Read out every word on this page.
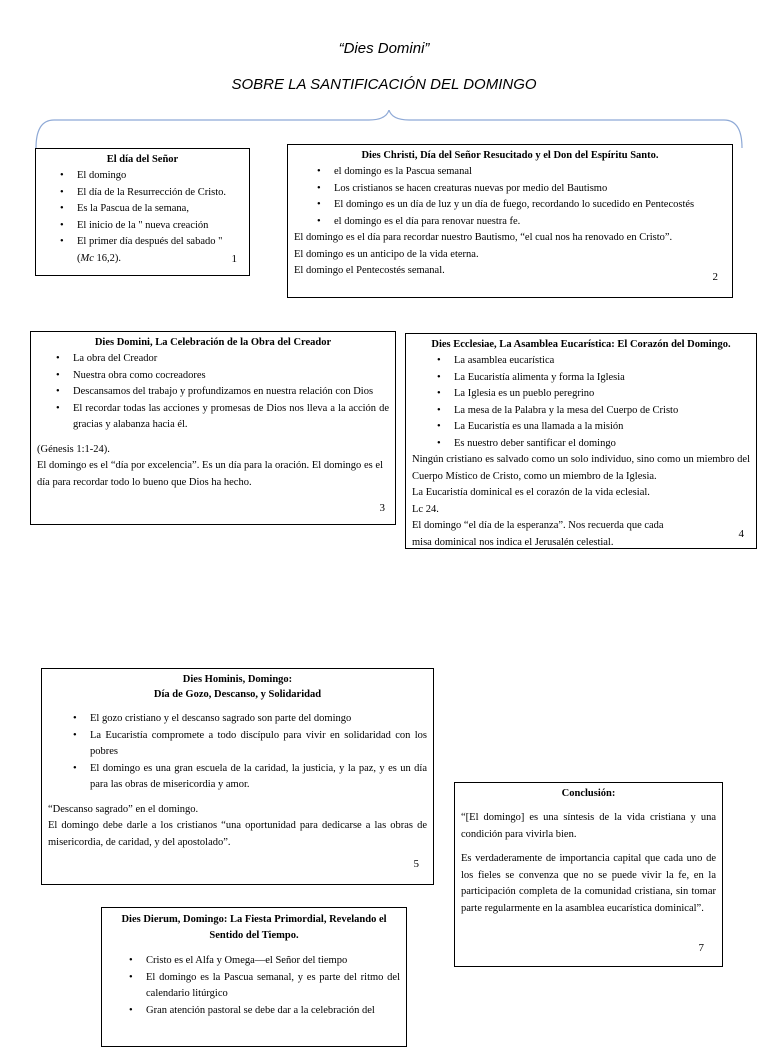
“Dies Domini”
SOBRE LA SANTIFICACIÓN DEL DOMINGO
El día del Señor
• El domingo
• El día de la Resurrección de Cristo.
• Es la Pascua de la semana,
• El inicio de la " nueva creación
• El primer día después del sabado "
(Mc 16,2).	1
Dies Christi, Día del Señor Resucitado y el Don del Espíritu Santo.
• el domingo es la Pascua semanal
• Los cristianos se hacen creaturas nuevas por medio del Bautismo
• El domingo es un día de luz y un día de fuego, recordando lo sucedido en Pentecostés
• el domingo es el día para renovar nuestra fe.

El domingo es el día para recordar nuestro Bautismo, “el cual nos ha renovado en Cristo”.

El domingo es un anticipo de la vida eterna.

El domingo el Pentecostés semanal.	2
Dies Domini, La Celebración de la Obra del Creador
• La obra del Creador
• Nuestra obra como cocreadores
• Descansamos del trabajo y profundizamos en nuestra relación con Dios
• El recordar todas las acciones y promesas de Dios nos lleva a la acción de gracias y alabanza hacia él.

(Génesis 1:1-24).

El domingo es el “día por excelencia”. Es un día para la oración. El domingo es el día para recordar todo lo bueno que Dios ha hecho.

3
Dies Ecclesiae, La Asamblea Eucarística: El Corazón del Domingo.
• La asamblea eucarística
• La Eucaristía alimenta y forma la Iglesia
• La Iglesia es un pueblo peregrino
• La mesa de la Palabra y la mesa del Cuerpo de Cristo
• La Eucaristía es una llamada a la misión
• Es nuestro deber santificar el domingo

Ningún cristiano es salvado como un solo individuo, sino como un miembro del Cuerpo Místico de Cristo, como un miembro de la Iglesia.

La Eucaristía dominical es el corazón de la vida eclesial.

Lc 24.

El domingo “el día de la esperanza”. Nos recuerda que cada

misa dominical nos indica el Jerusalén celestial.

4
Dies Hominis, Domingo:
Día de Gozo, Descanso, y Solidaridad
• El gozo cristiano y el descanso sagrado son parte del domingo
• La Eucaristía compromete a todo discípulo para vivir en solidaridad con los pobres
• El domingo es una gran escuela de la caridad, la justicia, y la paz, y es un día para las obras de misericordia y amor.

“Descanso sagrado” en el domingo.

El domingo debe darle a los cristianos “una oportunidad para dedicarse a las obras de misericordia, de caridad, y del apostolado”.

5
Dies Dierum, Domingo: La Fiesta Primordial, Revelando el Sentido del Tiempo.
• Cristo es el Alfa y Omega—el Señor del tiempo
• El domingo es la Pascua semanal, y es parte del ritmo del calendario litúrgico
• Gran atención pastoral se debe dar a la celebración del
Conclusión:

“[El domingo] es una síntesis de la vida cristiana y una condición para vivirla bien.

Es verdaderamente de importancia capital que cada uno de los fieles se convenza que no se puede vivir la fe, en la participación completa de la comunidad cristiana, sin tomar parte regularmente en la asamblea eucarística dominical”.

7
